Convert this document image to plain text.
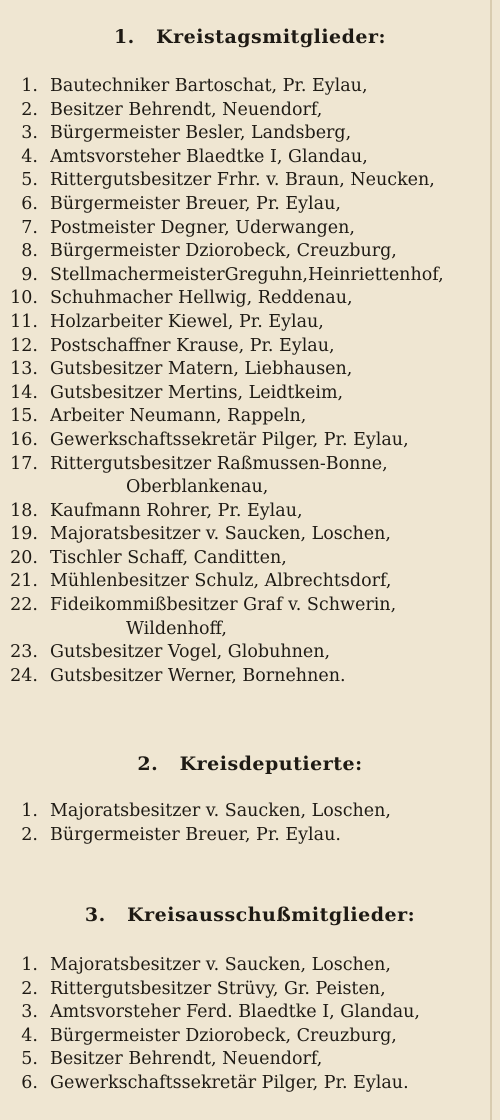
1. Kreistagsmitglieder:
1. Bautechniker Bartoschat, Pr. Eylau,
2. Besitzer Behrendt, Neuendorf,
3. Bürgermeister Besler, Landsberg,
4. Amtsvorsteher Blaedtke I, Glandau,
5. Rittergutsbesitzer Frhr. v. Braun, Neucken,
6. Bürgermeister Breuer, Pr. Eylau,
7. Postmeister Degner, Uderwangen,
8. Bürgermeister Dziorobeck, Creuzburg,
9. StellmachermeisterGreguhn,Heinriettenhof,
10. Schuhmacher Hellwig, Reddenau,
11. Holzarbeiter Kiewel, Pr. Eylau,
12. Postschaffner Krause, Pr. Eylau,
13. Gutsbesitzer Matern, Liebhausen,
14. Gutsbesitzer Mertins, Leidtkeim,
15. Arbeiter Neumann, Rappeln,
16. Gewerkschaftssekretär Pilger, Pr. Eylau,
17. Rittergutsbesitzer Raßmussen-Bonne,
Oberblankenau,
18. Kaufmann Rohrer, Pr. Eylau,
19. Majoratsbesitzer v. Saucken, Loschen,
20. Tischler Schaff, Canditten,
21. Mühlenbesitzer Schulz, Albrechtsdorf,
22. Fideikommißbesitzer Graf v. Schwerin,
Wildenhoff,
23. Gutsbesitzer Vogel, Globuhnen,
24. Gutsbesitzer Werner, Bornehnen.
2. Kreisdeputierte:
1. Majoratsbesitzer v. Saucken, Loschen,
2. Bürgermeister Breuer, Pr. Eylau.
3. Kreisausschußmitglieder:
1. Majoratsbesitzer v. Saucken, Loschen,
2. Rittergutsbesitzer Strüvy, Gr. Peisten,
3. Amtsvorsteher Ferd. Blaedtke I, Glandau,
4. Bürgermeister Dziorobeck, Creuzburg,
5. Besitzer Behrendt, Neuendorf,
6. Gewerkschaftssekretär Pilger, Pr. Eylau.
